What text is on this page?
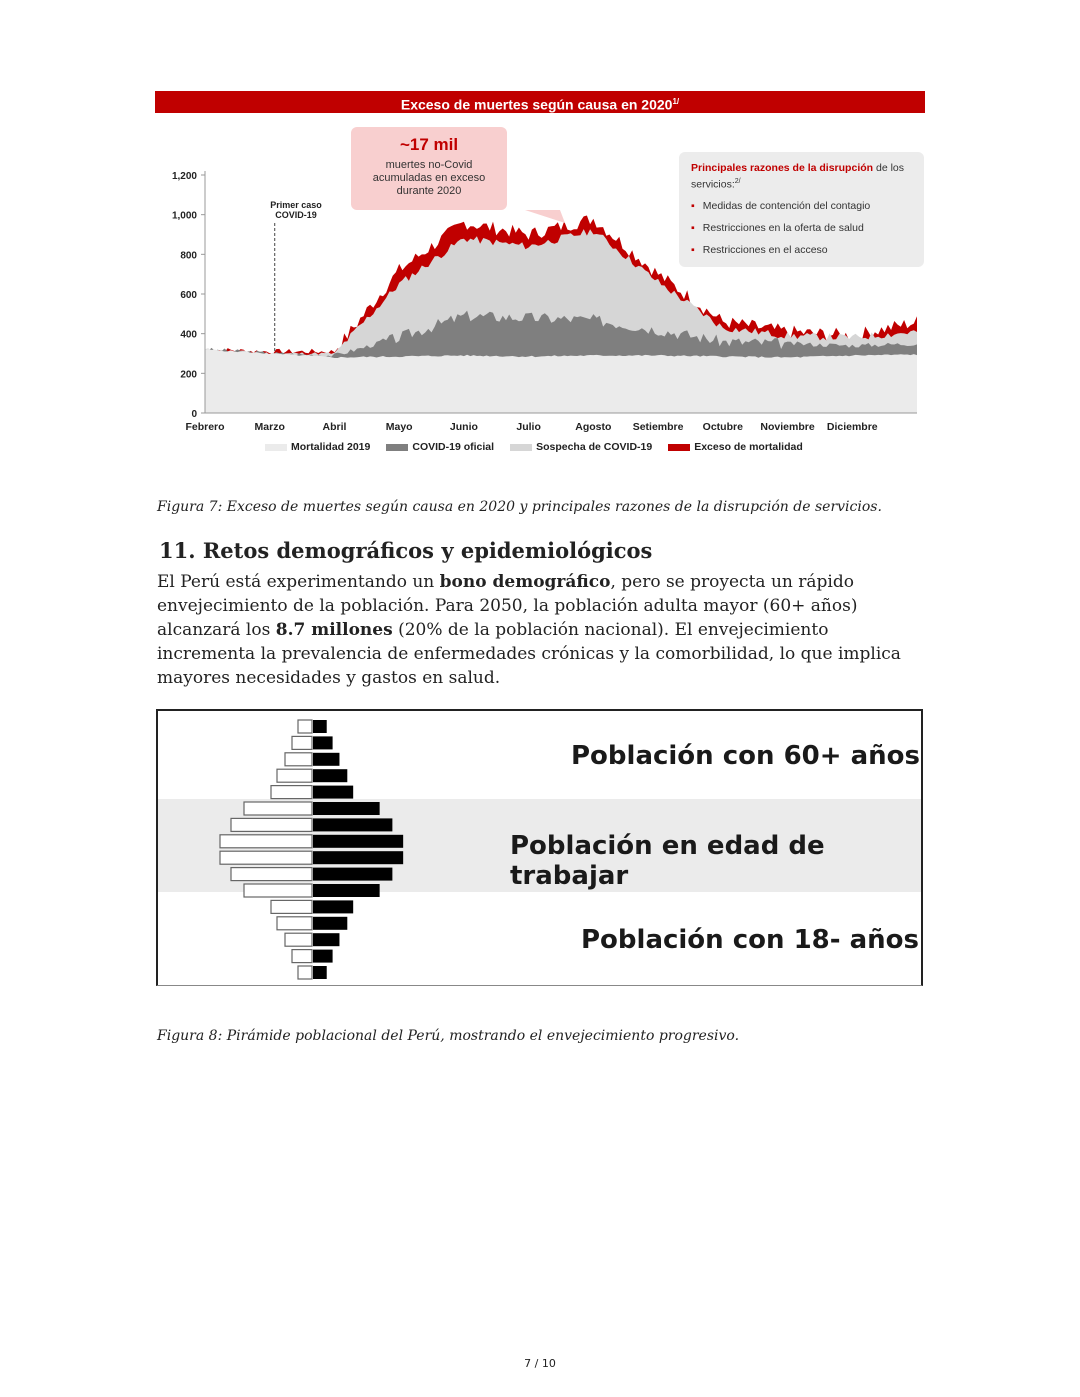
Exceso de muertes según causa en $2020^{1/}$
1,200
1,000
800
600
400
200
0
Febrero	Marzo	Abril	Mayo	Junio	Julio	Agosto Setiembre Octubre Noviembre Diciembre
~17 mil
muertes no-Covid acumuladas en exceso durante 2020
Primer caso COVID-19
Principales razones de la disrupción de los servicios:$^{2/}$
▪ Medidas de contención del contagio
▪ Restricciones en la oferta de salud
▪ Restricciones en el acceso
Mortalidad 2019	COVID-19 oficial	Sospecha de COVID-19	Exceso de mortalidad
Figura 7: Exceso de muertes según causa en 2020 y principales razones de la disrupción de servicios.
11. Retos demográficos y epidemiológicos
El Perú está experimentando un bono demográfico, pero se proyecta un rápido envejecimiento de la población. Para 2050, la población adulta mayor (60+ años) alcanzará los 8.7 millones (20% de la población nacional). El envejecimiento incrementa la prevalencia de enfermedades crónicas y la comorbilidad, lo que implica mayores necesidades y gastos en salud.
Población con 60+ años
Población en edad de trabajar
Población con 18- años
Figura 8: Pirámide poblacional del Perú, mostrando el envejecimiento progresivo.
7 / 10
